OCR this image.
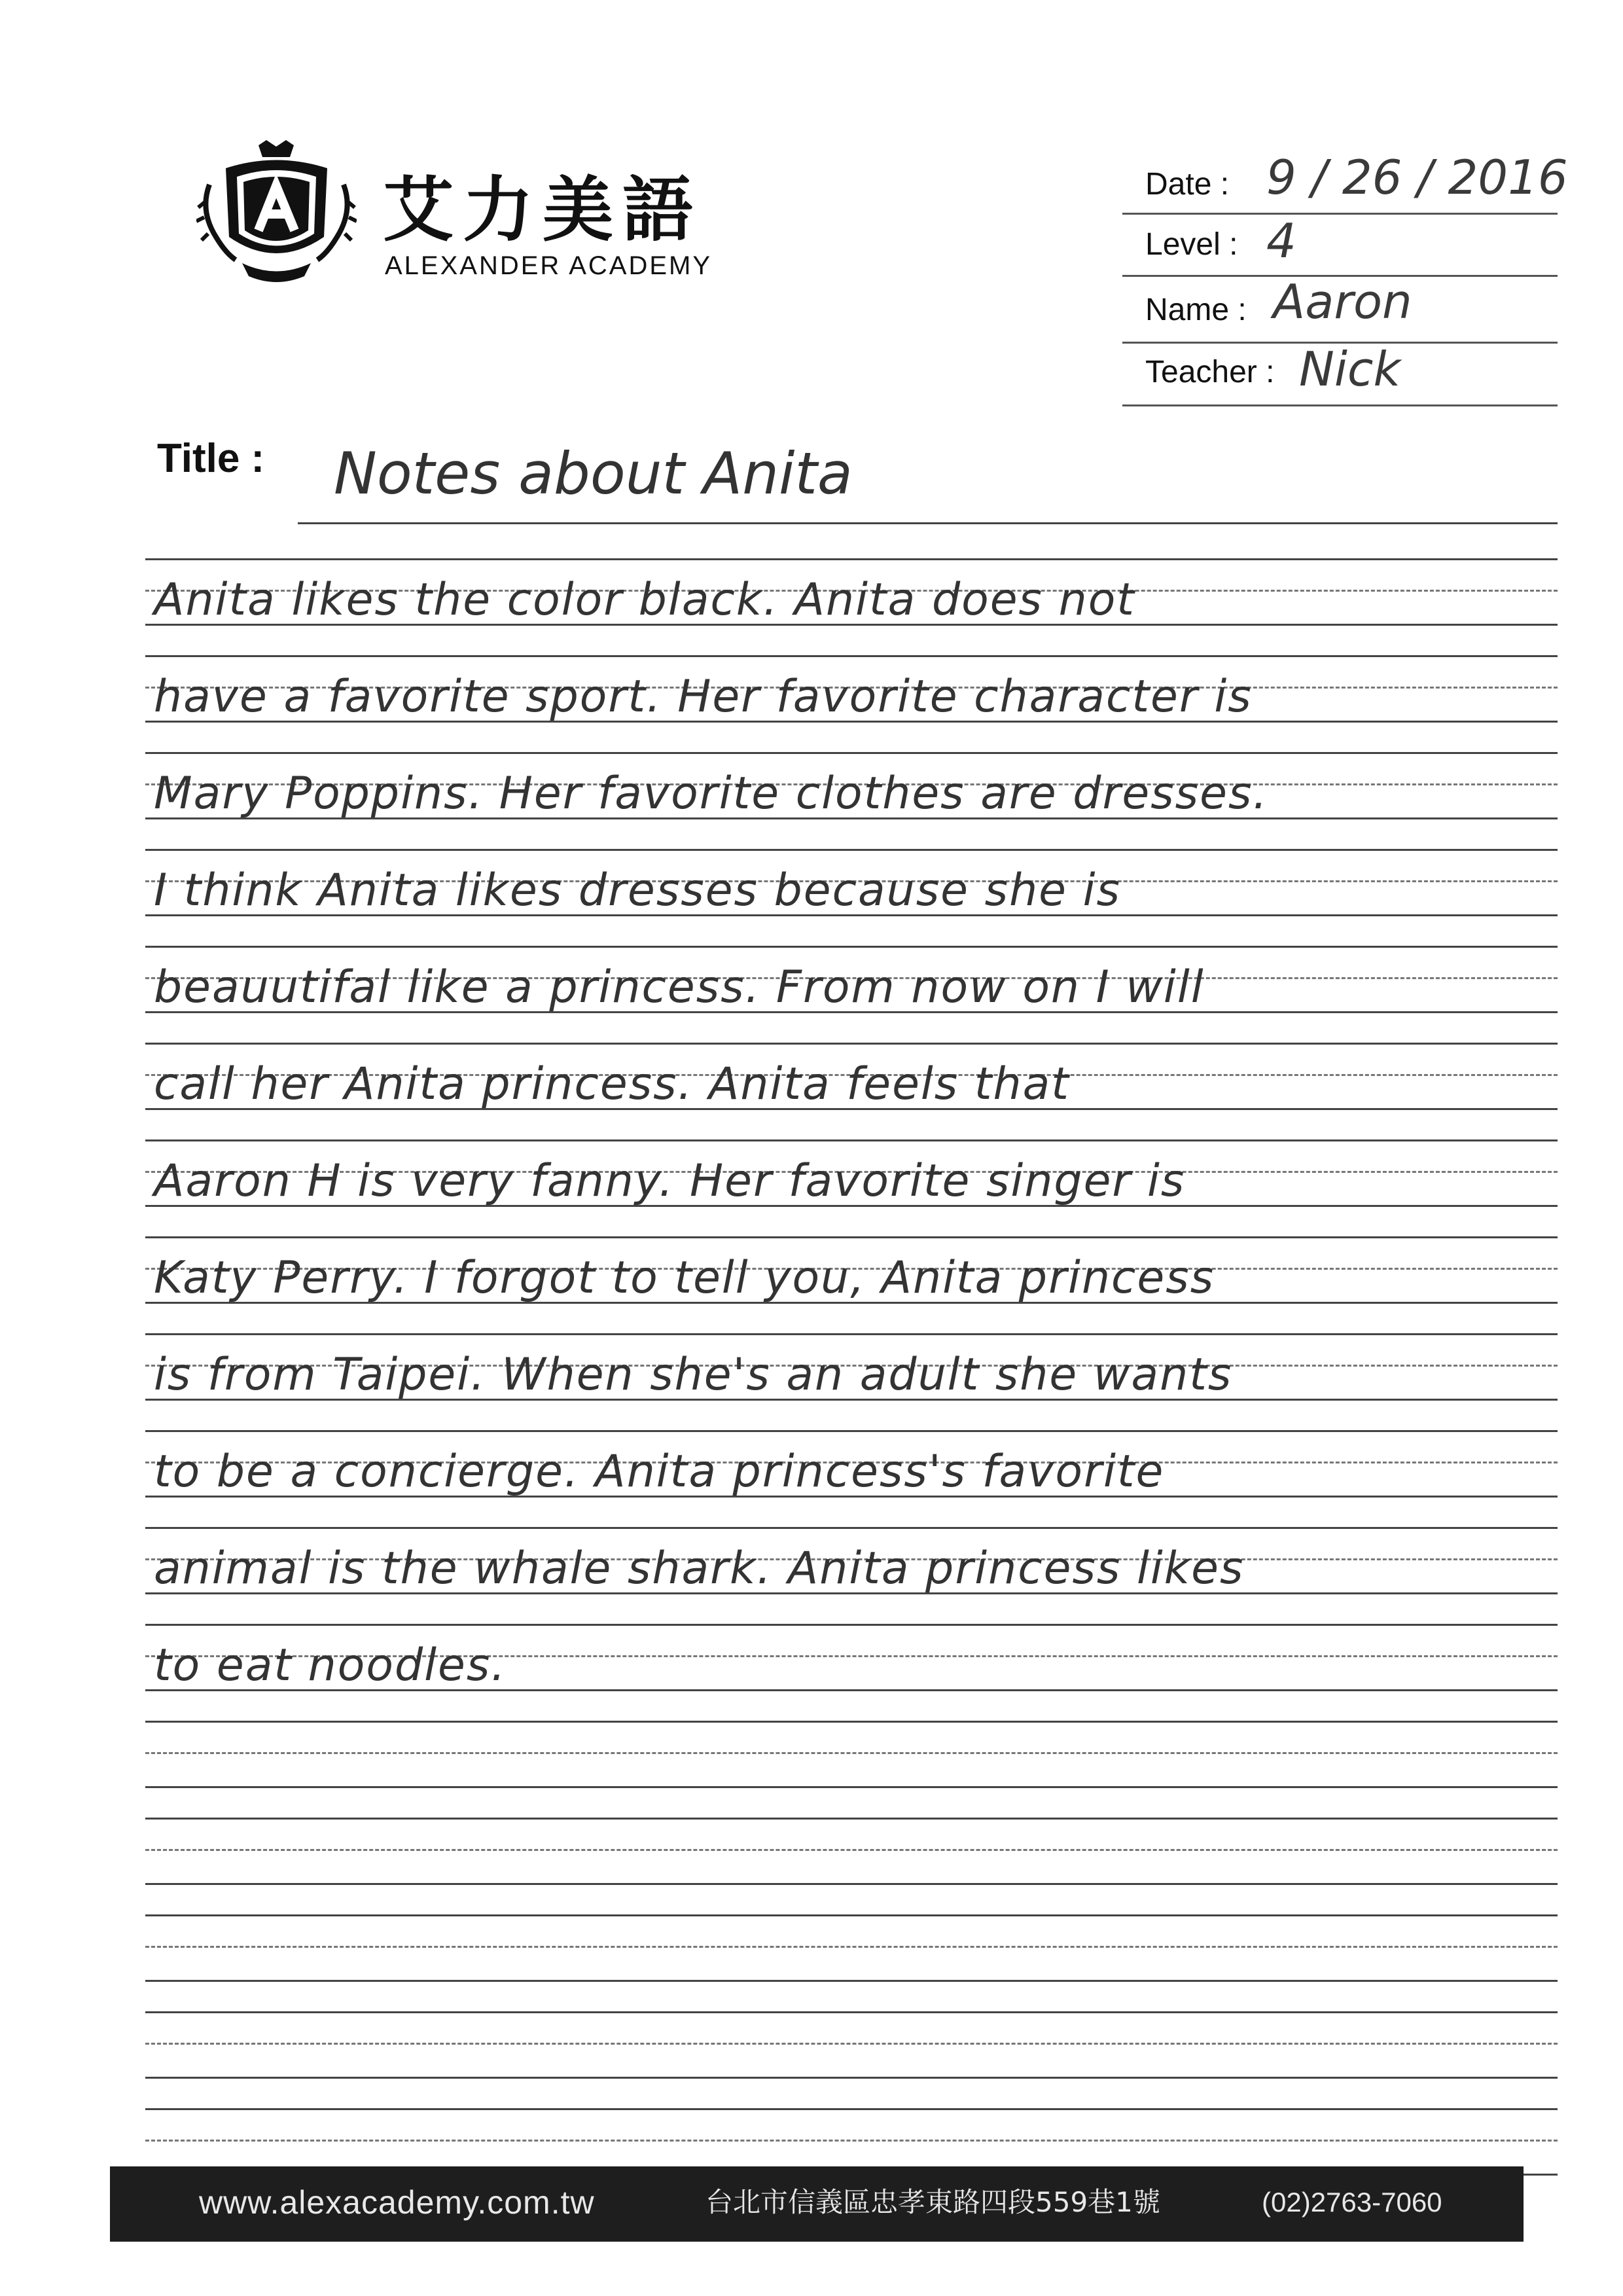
艾力美語
ALEXANDER ACADEMY
Date : 9 / 26 / 2016
Level : 4
Name : Aaron
Teacher : Nick
Title : Notes about Anita
Anita likes the color black. Anita does not
have a favorite sport. Her favorite character is
Mary Poppins. Her favorite clothes are dresses.
I think Anita likes dresses because she is
beauutifal like a princess. From now on I will
call her Anita princess. Anita feels that
Aaron H is very fanny. Her favorite singer is
Katy Perry. I forgot to tell you, Anita princess
is from Taipei. When she's an adult she wants
to be a concierge. Anita princess's favorite
animal is the whale shark. Anita princess likes
to eat noodles.
www.alexacademy.com.tw	台北市信義區忠孝東路四段559巷1號	(02)2763-7060
